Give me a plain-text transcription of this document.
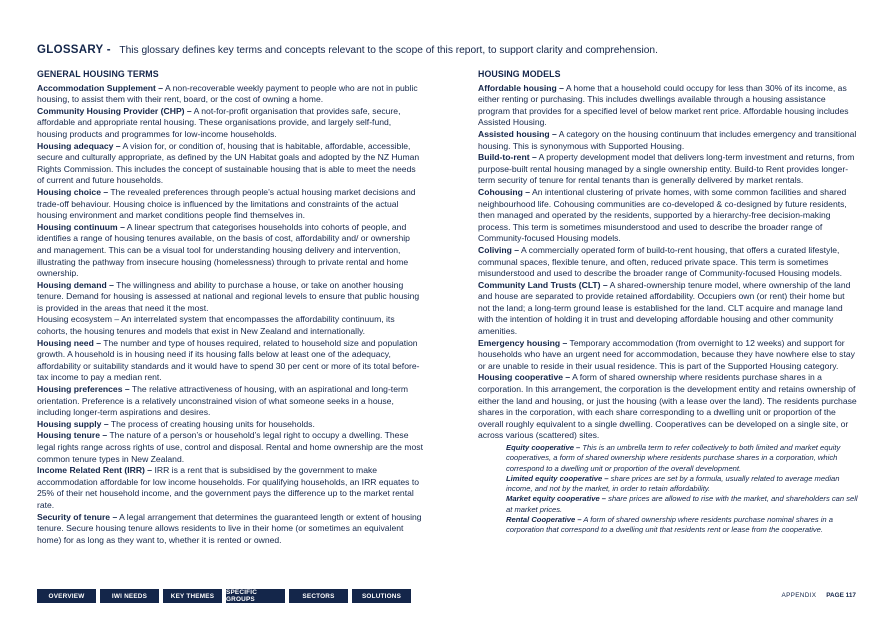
GLOSSARY - This glossary defines key terms and concepts relevant to the scope of this report, to support clarity and comprehension.
GENERAL HOUSING TERMS

Accommodation Supplement – A non-recoverable weekly payment to people who are not in public housing, to assist them with their rent, board, or the cost of owning a home.

Community Housing Provider (CHP) – A not-for-profit organisation that provides safe, secure, affordable and appropriate rental housing. These organisations provide, and largely self-fund, housing products and programmes for low-income households.

Housing adequacy – A vision for, or condition of, housing that is habitable, affordable, accessible, secure and culturally appropriate, as defined by the UN Habitat goals and adopted by the NZ Human Rights Commission. This includes the concept of sustainable housing that is able to meet the needs of current and future households.

Housing choice – The revealed preferences through people’s actual housing market decisions and trade-off behaviour. Housing choice is influenced by the limitations and constraints of the actual housing environment and market conditions people find themselves in.

Housing continuum – A linear spectrum that categorises households into cohorts of people, and identifies a range of housing tenures available, on the basis of cost, affordability and/ or ownership and management. This can be a visual tool for understanding housing delivery and intervention, illustrating the pathway from insecure housing (homelessness) through to private rental and home ownership.

Housing demand – The willingness and ability to purchase a house, or take on another housing tenure. Demand for housing is assessed at national and regional levels to ensure that public housing is provided in the areas that need it the most.

Housing ecosystem – An interrelated system that encompasses the affordability continuum, its cohorts, the housing tenures and models that exist in New Zealand and internationally.

Housing need – The number and type of houses required, related to household size and population growth. A household is in housing need if its housing falls below at least one of the adequacy, affordability or suitability standards and it would have to spend 30 per cent or more of its total before-tax income to pay a median rent.

Housing preferences – The relative attractiveness of housing, with an aspirational and long-term orientation. Preference is a relatively unconstrained vision of what someone seeks in a house, including longer-term aspirations and desires.

Housing supply – The process of creating housing units for households.

Housing tenure – The nature of a person’s or household’s legal right to occupy a dwelling. These legal rights range across rights of use, control and disposal. Rental and home ownership are the most common tenure types in New Zealand.

Income Related Rent (IRR) – IRR is a rent that is subsidised by the government to make accommodation affordable for low income households. For qualifying households, an IRR equates to 25% of their net household income, and the government pays the difference up to the market rental rate.

Security of tenure – A legal arrangement that determines the guaranteed length or extent of housing tenure. Secure housing tenure allows residents to live in their home (or sometimes an equivalent home) for as long as they want to, whether it is rented or owned.

HOUSING MODELS

Affordable housing – A home that a household could occupy for less than 30% of its income, as either renting or purchasing. This includes dwellings available through a housing assistance program that provides for a specified level of below market rent price. Affordable housing includes Assisted Housing.

Assisted housing – A category on the housing continuum that includes emergency and transitional housing. This is synonymous with Supported Housing.

Build-to-rent – A property development model that delivers long-term investment and returns, from purpose-built rental housing managed by a single ownership entity. Build-to Rent provides longer-term security of tenure for rental tenants than is generally delivered by market rentals.

Cohousing – An intentional clustering of private homes, with some common facilities and shared neighbourhood life. Cohousing communities are co-developed & co-designed by future residents, then managed and operated by the residents, supported by a hierarchy-free decision-making process. This term is sometimes misunderstood and used to describe the broader range of Community-focused Housing models.

Coliving – A commercially operated form of build-to-rent housing, that offers a curated lifestyle, communal spaces, flexible tenure, and often, reduced private space. This term is sometimes misunderstood and used to describe the broader range of Community-focused Housing models.

Community Land Trusts (CLT) – A shared-ownership tenure model, where ownership of the land and house are separated to provide retained affordability. Occupiers own (or rent) their home but not the land; a long-term ground lease is established for the land. CLT acquire and manage land with the intention of holding it in trust and developing affordable housing and other community amenities.

Emergency housing – Temporary accommodation (from overnight to 12 weeks) and support for households who have an urgent need for accommodation, because they have nowhere else to stay or are unable to reside in their usual residence. This is part of the Supported Housing category.

Housing cooperative – A form of shared ownership where residents purchase shares in a corporation. In this arrangement, the corporation is the development entity and retains ownership of either the land and housing, or just the housing (with a lease over the land). The residents purchase shares in the corporation, with each share corresponding to a dwelling unit or proportion of the overall roughly equivalent to a single dwelling. Cooperatives can be developed on a single site, or across various (scattered) sites.

Equity cooperative – This is an umbrella term to refer collectively to both limited and market equity cooperatives, a form of shared ownership where residents purchase shares in a corporation, which correspond to a dwelling unit or proportion of the overall development.

Limited equity cooperative – share prices are set by a formula, usually related to average median income, and not by the market, in order to retain affordability.

Market equity cooperative – share prices are allowed to rise with the market, and shareholders can sell at market prices.

Rental Cooperative – A form of shared ownership where residents purchase nominal shares in a corporation that correspond to a dwelling unit that residents rent or lease from the cooperative.

OVERVIEW	IWI NEEDS	KEY THEMES	SPECIFIC GROUPS	SECTORS	SOLUTIONS	APPENDIX PAGE 117
